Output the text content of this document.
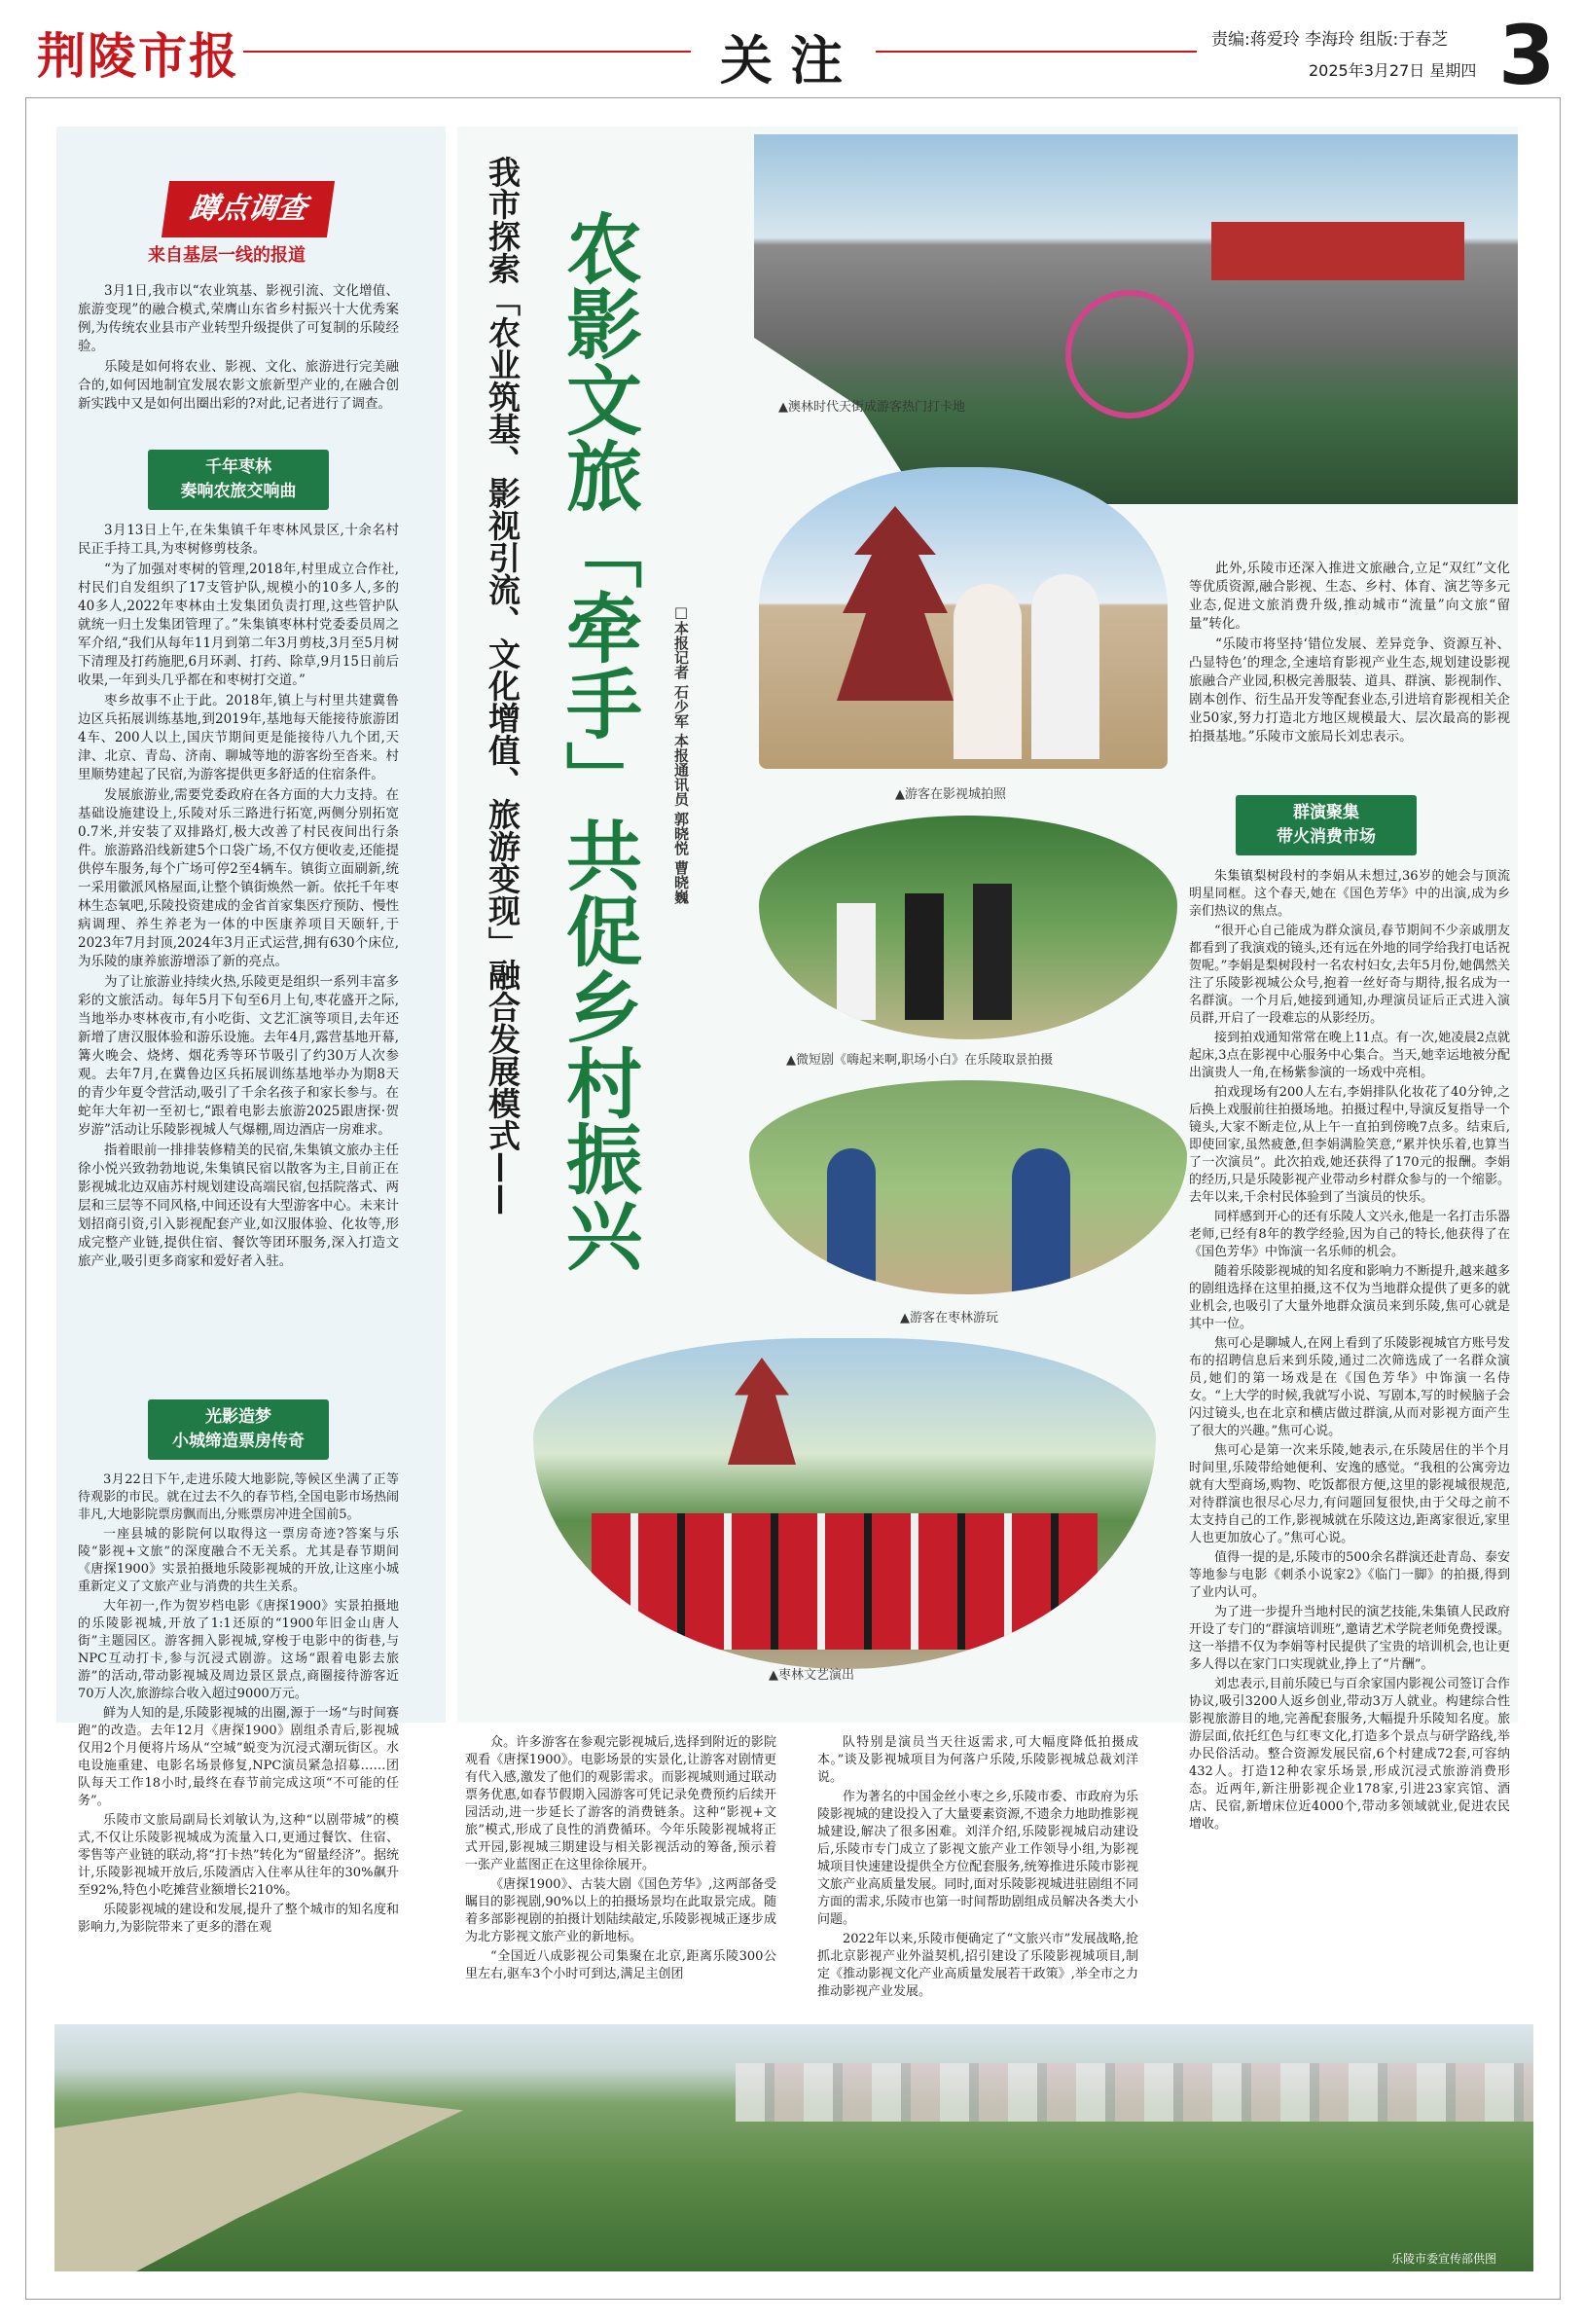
荆陵市报	关注	责编:蒋爱玲 李海玲 组版:于春芝
2025年3月27日 星期四 3
蹲点调查
来自基层一线的报道

3月1日,我市以“农业筑基、影视引流、文化增值、旅游变现”的融合模式,荣膺山东省乡村振兴十大优秀案例,为传统农业县市产业转型升级提供了可复制的乐陵经验。

乐陵是如何将农业、影视、文化、旅游进行完美融合的,如何因地制宜发展农影文旅新型产业的,在融合创新实践中又是如何出圈出彩的?对此,记者进行了调查。

千年枣林
奏响农旅交响曲

3月13日上午,在朱集镇千年枣林风景区,十余名村民正手持工具,为枣树修剪枝条。

“为了加强对枣树的管理,2018年,村里成立合作社,村民们自发组织了17支管护队,规模小的10多人,多的40多人,2022年枣林由土发集团负责打理,这些管护队就统一归土发集团管理了。”朱集镇枣林村党委委员周之军介绍,“我们从每年11月到第二年3月剪枝,3月至5月树下清理及打药施肥,6月环剥、打药、除草,9月15日前后收果,一年到头几乎都在和枣树打交道。”

枣乡故事不止于此。2018年,镇上与村里共建冀鲁边区兵拓展训练基地,到2019年,基地每天能接待旅游团4车、200人以上,国庆节期间更是能接待八九个团,天津、北京、青岛、济南、聊城等地的游客纷至沓来。村里顺势建起了民宿,为游客提供更多舒适的住宿条件。

发展旅游业,需要党委政府在各方面的大力支持。在基础设施建设上,乐陵对乐三路进行拓宽,两侧分别拓宽0.7米,并安装了双排路灯,极大改善了村民夜间出行条件。旅游路沿线新建5个口袋广场,不仅方便收麦,还能提供停车服务,每个广场可停2至4辆车。镇街立面刷新,统一采用徽派风格屋面,让整个镇街焕然一新。依托千年枣林生态氧吧,乐陵投资建成的金省首家集医疗预防、慢性病调理、养生养老为一体的中医康养项目天颐轩,于2023年7月封顶,2024年3月正式运营,拥有630个床位,为乐陵的康养旅游增添了新的亮点。

为了让旅游业持续火热,乐陵更是组织一系列丰富多彩的文旅活动。每年5月下旬至6月上旬,枣花盛开之际,当地举办枣林夜市,有小吃街、文艺汇演等项目,去年还新增了唐汉服体验和游乐设施。去年4月,露营基地开幕,篝火晚会、烧烤、烟花秀等环节吸引了约30万人次参观。去年7月,在冀鲁边区兵拓展训练基地举办为期8天的青少年夏令营活动,吸引了千余名孩子和家长参与。在蛇年大年初一至初七,“跟着电影去旅游2025跟唐探·贺岁游”活动让乐陵影视城人气爆棚,周边酒店一房难求。

指着眼前一排排装修精美的民宿,朱集镇文旅办主任徐小悦兴致勃勃地说,朱集镇民宿以散客为主,目前正在影视城北边双庙苏村规划建设高端民宿,包括院落式、两层和三层等不同风格,中间还设有大型游客中心。未来计划招商引资,引入影视配套产业,如汉服体验、化妆等,形成完整产业链,提供住宿、餐饮等团环服务,深入打造文旅产业,吸引更多商家和爱好者入驻。

光影造梦
小城缔造票房传奇

3月22日下午,走进乐陵大地影院,等候区坐满了正等待观影的市民。就在过去不久的春节档,全国电影市场热闹非凡,大地影院票房飘而出,分账票房冲进全国前5。

一座县城的影院何以取得这一票房奇迹?答案与乐陵“影视+文旅”的深度融合不无关系。尤其是春节期间《唐探1900》实景拍摄地乐陵影视城的开放,让这座小城重新定义了文旅产业与消费的共生关系。

大年初一,作为贺岁档电影《唐探1900》实景拍摄地的乐陵影视城,开放了1:1还原的“1900年旧金山唐人街”主题园区。游客拥入影视城,穿梭于电影中的街巷,与NPC互动打卡,参与沉浸式剧游。这场“跟着电影去旅游”的活动,带动影视城及周边景区景点,商圈接待游客近70万人次,旅游综合收入超过9000万元。

鲜为人知的是,乐陵影视城的出圈,源于一场“与时间赛跑”的改造。去年12月《唐探1900》剧组杀青后,影视城仅用2个月便将片场从“空城”蜕变为沉浸式潮玩街区。水电设施重建、电影名场景修复,NPC演员紧急招募……团队每天工作18小时,最终在春节前完成这项“不可能的任务”。

乐陵市文旅局副局长刘敏认为,这种“以剧带城”的模式,不仅让乐陵影视城成为流量入口,更通过餐饮、住宿、零售等产业链的联动,将“打卡热”转化为“留量经济”。据统计,乐陵影视城开放后,乐陵酒店入住率从往年的30%飙升至92%,特色小吃摊营业额增长210%。

乐陵影视城的建设和发展,提升了整个城市的知名度和影响力,为影院带来了更多的潜在观

我市探索「农业筑基、影视引流、文化增值、旅游变现」融合发展模式—— 农影文旅「牵手」共促乡村振兴 □本报记者 石少军 本报通讯员 郭晓悦 曹晓巍
▲澳林时代天街成游客热门打卡地
▲游客在影视城拍照
▲微短剧《嗨起来啊,职场小白》在乐陵取景拍摄
▲游客在枣林游玩
▲枣林文艺演出

此外,乐陵市还深入推进文旅融合,立足“双红”文化等优质资源,融合影视、生态、乡村、体育、演艺等多元业态,促进文旅消费升级,推动城市“流量”向文旅“留量”转化。

“乐陵市将坚持‘错位发展、差异竞争、资源互补、凸显特色’的理念,全速培育影视产业生态,规划建设影视旅融合产业园,积极完善服装、道具、群演、影视制作、剧本创作、衍生品开发等配套业态,引进培育影视相关企业50家,努力打造北方地区规模最大、层次最高的影视拍摄基地。”乐陵市文旅局长刘忠表示。

群演聚集
带火消费市场

朱集镇梨树段村的李娟从未想过,36岁的她会与顶流明星同框。这个春天,她在《国色芳华》中的出演,成为乡亲们热议的焦点。

“很开心自己能成为群众演员,春节期间不少亲戚朋友都看到了我演戏的镜头,还有远在外地的同学给我打电话祝贺呢。”李娟是梨树段村一名农村妇女,去年5月份,她偶然关注了乐陵影视城公众号,抱着一丝好奇与期待,报名成为一名群演。一个月后,她接到通知,办理演员证后正式进入演员群,开启了一段难忘的从影经历。

接到拍戏通知常常在晚上11点。有一次,她凌晨2点就起床,3点在影视中心服务中心集合。当天,她幸运地被分配出演贵人一角,在杨紫参演的一场戏中亮相。

拍戏现场有200人左右,李娟排队化妆花了40分钟,之后换上戏服前往拍摄场地。拍摄过程中,导演反复指导一个镜头,大家不断走位,从上午一直拍到傍晚7点多。结束后,即使回家,虽然疲惫,但李娟满脸笑意,“累并快乐着,也算当了一次演员”。此次拍戏,她还获得了170元的报酬。李娟的经历,只是乐陵影视产业带动乡村群众参与的一个缩影。去年以来,千余村民体验到了当演员的快乐。

同样感到开心的还有乐陵人文兴永,他是一名打击乐器老师,已经有8年的教学经验,因为自己的特长,他获得了在《国色芳华》中饰演一名乐师的机会。

随着乐陵影视城的知名度和影响力不断提升,越来越多的剧组选择在这里拍摄,这不仅为当地群众提供了更多的就业机会,也吸引了大量外地群众演员来到乐陵,焦可心就是其中一位。

焦可心是聊城人,在网上看到了乐陵影视城官方账号发布的招聘信息后来到乐陵,通过二次筛选成了一名群众演员,她们的第一场戏是在《国色芳华》中饰演一名侍女。“上大学的时候,我就写小说、写剧本,写的时候脑子会闪过镜头,也在北京和横店做过群演,从而对影视方面产生了很大的兴趣。”焦可心说。

焦可心是第一次来乐陵,她表示,在乐陵居住的半个月时间里,乐陵带给她便利、安逸的感觉。“我租的公寓旁边就有大型商场,购物、吃饭都很方便,这里的影视城很规范,对待群演也很尽心尽力,有问题回复很快,由于父母之前不太支持自己的工作,影视城就在乐陵这边,距离家很近,家里人也更加放心了。”焦可心说。

值得一提的是,乐陵市的500余名群演还赴青岛、泰安等地参与电影《刺杀小说家2》《临门一脚》的拍摄,得到了业内认可。

为了进一步提升当地村民的演艺技能,朱集镇人民政府开设了专门的“群演培训班”,邀请艺术学院老师免费授课。这一举措不仅为李娟等村民提供了宝贵的培训机会,也让更多人得以在家门口实现就业,挣上了“片酬”。

刘忠表示,目前乐陵已与百余家国内影视公司签订合作协议,吸引3200人返乡创业,带动3万人就业。构建综合性影视旅游目的地,完善配套服务,大幅提升乐陵知名度。旅游层面,依托红色与红枣文化,打造多个景点与研学路线,举办民俗活动。整合资源发展民宿,6个村建成72套,可容纳432人。打造12种农家乐场景,形成沉浸式旅游消费形态。近两年,新注册影视企业178家,引进23家宾馆、酒店、民宿,新增床位近4000个,带动多领域就业,促进农民增收。

众。许多游客在参观完影视城后,选择到附近的影院观看《唐探1900》。电影场景的实景化,让游客对剧情更有代入感,激发了他们的观影需求。而影视城则通过联动票务优惠,如春节假期入园游客可凭记录免费预约后续开园活动,进一步延长了游客的消费链条。这种“影视+文旅”模式,形成了良性的消费循环。今年乐陵影视城将正式开园,影视城三期建设与相关影视活动的筹备,预示着一张产业蓝图正在这里徐徐展开。

《唐探1900》、古装大剧《国色芳华》,这两部备受瞩目的影视剧,90%以上的拍摄场景均在此取景完成。随着多部影视剧的拍摄计划陆续敲定,乐陵影视城正逐步成为北方影视文旅产业的新地标。

“全国近八成影视公司集聚在北京,距离乐陵300公里左右,驱车3个小时可到达,满足主创团

队特别是演员当天往返需求,可大幅度降低拍摄成本。”谈及影视城项目为何落户乐陵,乐陵影视城总裁刘洋说。

作为著名的中国金丝小枣之乡,乐陵市委、市政府为乐陵影视城的建设投入了大量要素资源,不遗余力地助推影视城建设,解决了很多困难。刘洋介绍,乐陵影视城启动建设后,乐陵市专门成立了影视文旅产业工作领导小组,为影视城项目快速建设提供全方位配套服务,统筹推进乐陵市影视文旅产业高质量发展。同时,面对乐陵影视城进驻剧组不同方面的需求,乐陵市也第一时间帮助剧组成员解决各类大小问题。

2022年以来,乐陵市便确定了“文旅兴市”发展战略,抢抓北京影视产业外溢契机,招引建设了乐陵影视城项目,制定《推动影视文化产业高质量发展若干政策》,举全市之力推动影视产业发展。

乐陵市委宣传部供图
